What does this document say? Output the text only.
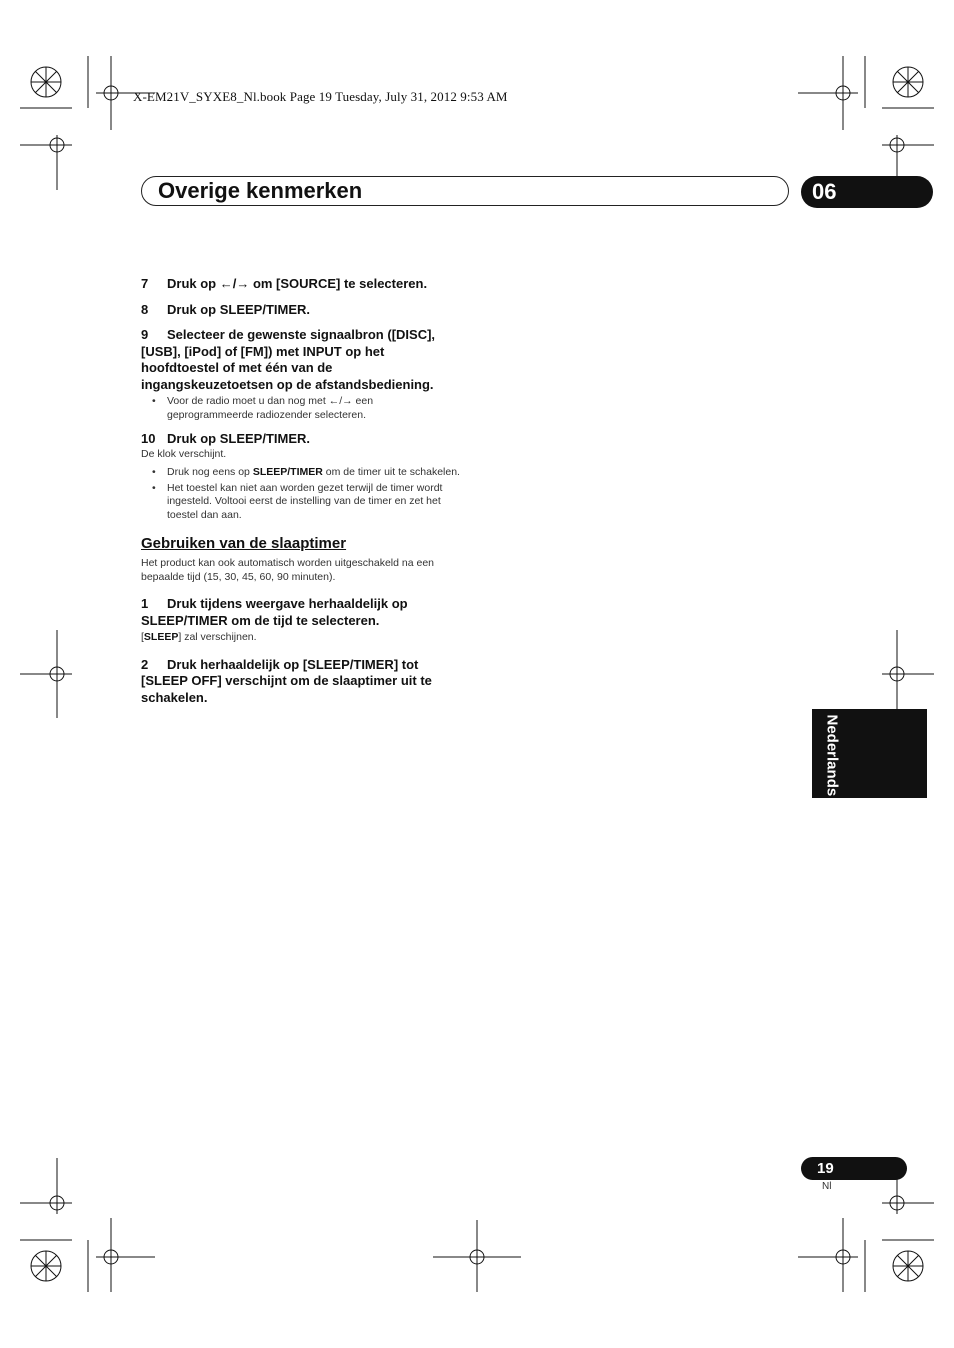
X-EM21V_SYXE8_Nl.book Page 19 Tuesday, July 31, 2012 9:53 AM
Overige kenmerken	06

7 Druk op ←/→ om [SOURCE] te selecteren.

8 Druk op SLEEP/TIMER.

9 Selecteer de gewenste signaalbron ([DISC], [USB], [iPod] of [FM]) met INPUT op het hoofdtoestel of met één van de ingangskeuzetoetsen op de afstandsbediening.

• Voor de radio moet u dan nog met ←/→ een geprogrammeerde radiozender selecteren.

10 Druk op SLEEP/TIMER.

De klok verschijnt.

• Druk nog eens op SLEEP/TIMER om de timer uit te schakelen.
• Het toestel kan niet aan worden gezet terwijl de timer wordt ingesteld. Voltooi eerst de instelling van de timer en zet het toestel dan aan.
Gebruiken van de slaaptimer

Het product kan ook automatisch worden uitgeschakeld na een bepaalde tijd (15, 30, 45, 60, 90 minuten).

1 Druk tijdens weergave herhaaldelijk op SLEEP/TIMER om de tijd te selecteren.

[SLEEP] zal verschijnen.

2 Druk herhaaldelijk op [SLEEP/TIMER] tot [SLEEP OFF] verschijnt om de slaaptimer uit te schakelen.

Nederlands
19
Nl
